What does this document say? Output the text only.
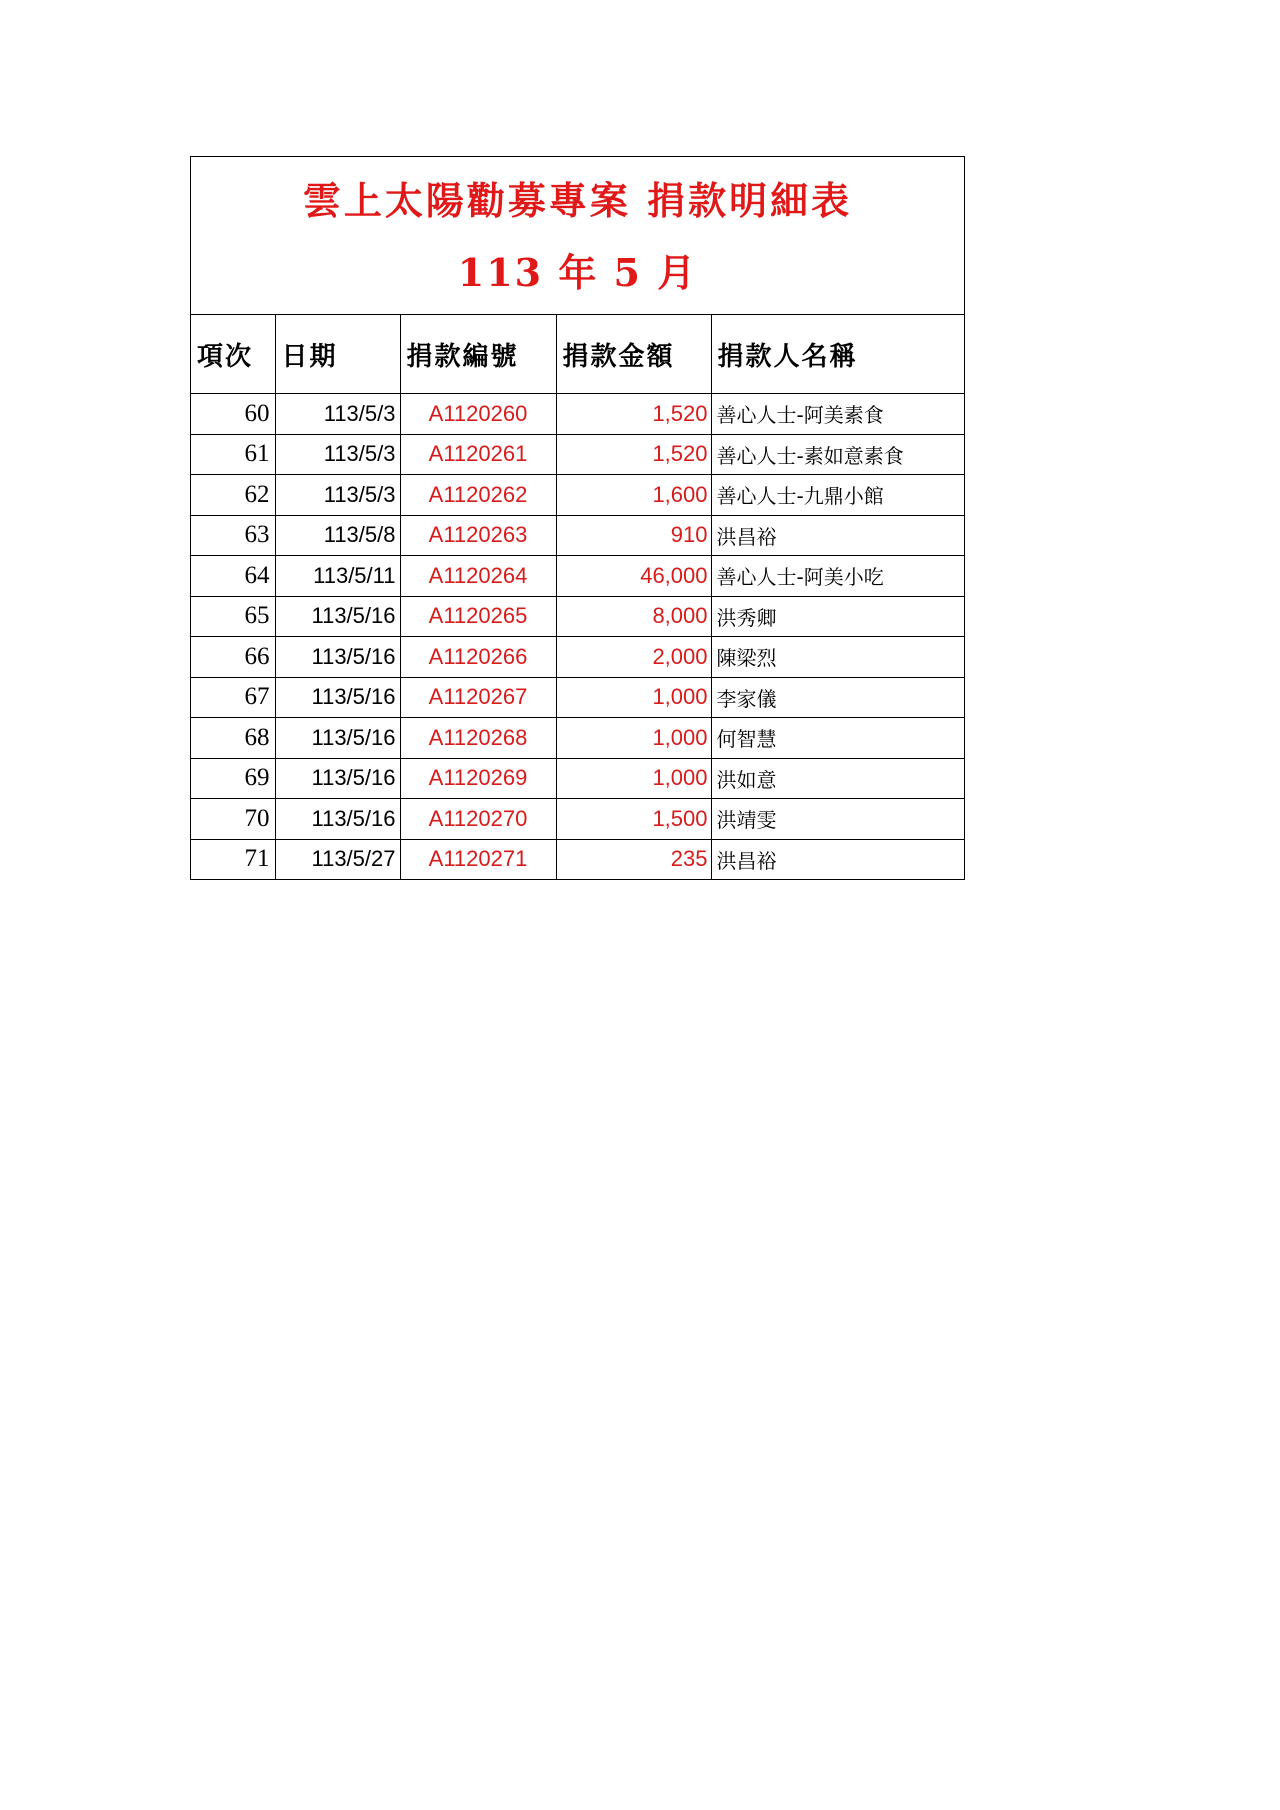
雲上太陽勸募專案 捐款明細表
113 年 5 月
項次	日期	捐款編號	捐款金額	捐款人名稱
60	113/5/3	A1120260	1,520	善心人士-阿美素食
61	113/5/3	A1120261	1,520	善心人士-素如意素食
62	113/5/3	A1120262	1,600	善心人士-九鼎小館
63	113/5/8	A1120263	910	洪昌裕
64	113/5/11	A1120264	46,000	善心人士-阿美小吃
65	113/5/16	A1120265	8,000	洪秀卿
66	113/5/16	A1120266	2,000	陳梁烈
67	113/5/16	A1120267	1,000	李家儀
68	113/5/16	A1120268	1,000	何智慧
69	113/5/16	A1120269	1,000	洪如意
70	113/5/16	A1120270	1,500	洪靖雯
71	113/5/27	A1120271	235	洪昌裕
